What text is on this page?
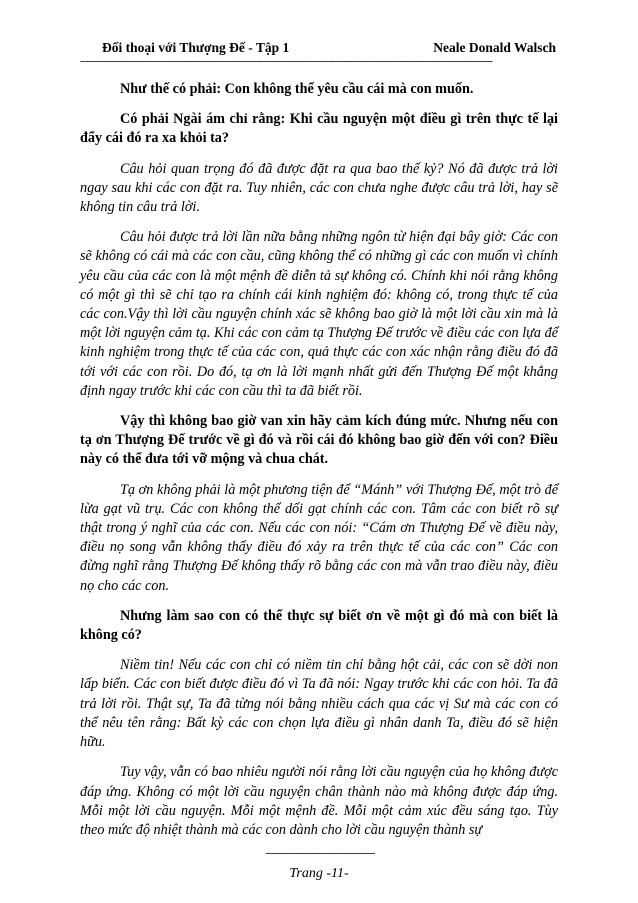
Đối thoại với Thượng Đế - Tập 1	Neale Donald Walsch
-------------------------------------------------------------------------------------------------------------------------------------------------------

Như thế có phải: Con không thể yêu cầu cái mà con muốn.

Có phải Ngài ám chỉ rằng: Khi cầu nguyện một điều gì trên thực tế lại đẩy cái đó ra xa khỏi ta?

Câu hỏi quan trọng đó đã được đặt ra qua bao thế kỷ? Nó đã được trả lời ngay sau khi các con đặt ra. Tuy nhiên, các con chưa nghe được câu trả lời, hay sẽ không tin câu trả lời.

Câu hỏi được trả lời lần nữa bằng những ngôn từ hiện đại bây giờ: Các con sẽ không có cái mà các con cầu, cũng không thể có những gì các con muốn vì chính yêu cầu của các con là một mệnh đề diễn tả sự không có. Chính khi nói rằng không có một gì thì sẽ chỉ tạo ra chính cái kinh nghiệm đó: không có, trong thực tế của các con.Vậy thì lời cầu nguyện chính xác sẽ không bao giờ là một lời cầu xin mà là một lời nguyện cảm tạ. Khi các con cảm tạ Thượng Đế trước về điều các con lựa để kinh nghiệm trong thực tế của các con, quả thực các con xác nhận rằng điều đó đã tới với các con rồi. Do đó, tạ ơn là lời mạnh nhất gửi đến Thượng Đế một khẳng định ngay trước khi các con cầu thì ta đã biết rồi.

Vậy thì không bao giờ van xin hãy cảm kích đúng mức. Nhưng nếu con tạ ơn Thượng Đế trước về gì đó và rồi cái đó không bao giờ đến với con? Điều này có thể đưa tới vỡ mộng và chua chát.

Tạ ơn không phải là một phương tiện để “Mánh” với Thượng Đế, một trò để lừa gạt vũ trụ. Các con không thể dối gạt chính các con. Tâm các con biết rõ sự thật trong ý nghĩ của các con. Nếu các con nói: “Cám ơn Thượng Đế về điều này, điều nọ song vẫn không thấy điều đó xảy ra trên thực tế của các con” Các con đừng nghĩ rằng Thượng Đế không thấy rõ bằng các con mà vẫn trao điều này, điều nọ cho các con.

Nhưng làm sao con có thể thực sự biết ơn về một gì đó mà con biết là không có?

Niềm tin! Nếu các con chỉ có niềm tin chỉ bằng hột cải, các con sẽ dời non lấp biển. Các con biết được điều đó vì Ta đã nói: Ngay trước khi các con hỏi. Ta đã trả lời rồi. Thật sự, Ta đã từng nói bằng nhiều cách qua các vị Sư mà các con có thể nêu tên rằng: Bất kỳ các con chọn lựa điều gì nhân danh Ta, điều đó sẽ hiện hữu.

Tuy vậy, vẫn có bao nhiêu người nói rằng lời cầu nguyện của họ không được đáp ứng. Không có một lời cầu nguyện chân thành nào mà không được đáp ứng. Mỗi một lời cầu nguyện. Mỗi một mệnh đề. Mỗi một cảm xúc đều sáng tạo. Tùy theo mức độ nhiệt thành mà các con dành cho lời cầu nguyện thành sự

----------------------------------------
Trang -11-
